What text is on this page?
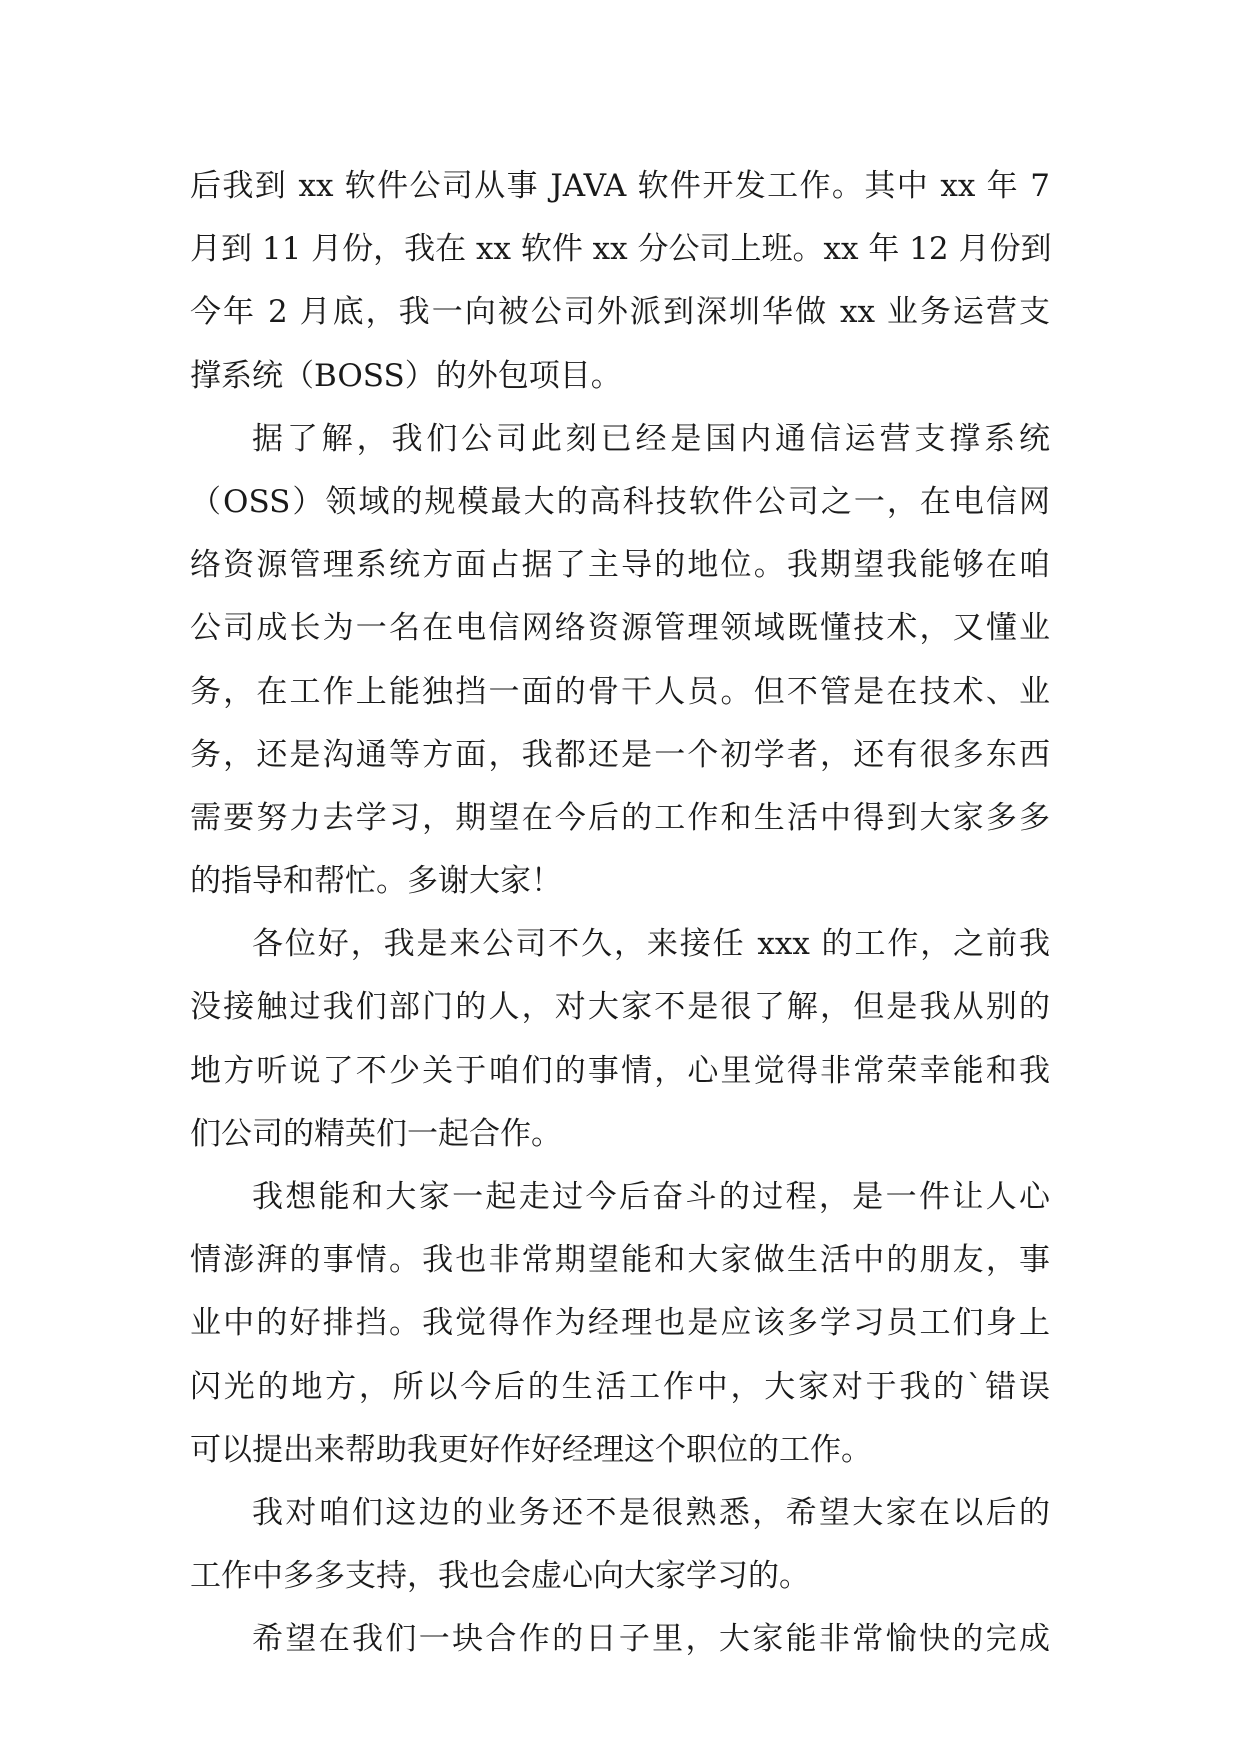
后我到 xx 软件公司从事 JAVA 软件开发工作。其中 xx 年 7
月到 11 月份，我在 xx 软件 xx 分公司上班。xx 年 12 月份到
今年 2 月底，我一向被公司外派到深圳华做 xx 业务运营支
撑系统（BOSS）的外包项目。
据了解，我们公司此刻已经是国内通信运营支撑系统
（OSS）领域的规模最大的高科技软件公司之一，在电信网
络资源管理系统方面占据了主导的地位。我期望我能够在咱
公司成长为一名在电信网络资源管理领域既懂技术，又懂业
务，在工作上能独挡一面的骨干人员。但不管是在技术、业
务，还是沟通等方面，我都还是一个初学者，还有很多东西
需要努力去学习，期望在今后的工作和生活中得到大家多多
的指导和帮忙。多谢大家！
各位好，我是来公司不久，来接任 xxx 的工作，之前我
没接触过我们部门的人，对大家不是很了解，但是我从别的
地方听说了不少关于咱们的事情，心里觉得非常荣幸能和我
们公司的精英们一起合作。
我想能和大家一起走过今后奋斗的过程，是一件让人心
情澎湃的事情。我也非常期望能和大家做生活中的朋友，事
业中的好排挡。我觉得作为经理也是应该多学习员工们身上
闪光的地方，所以今后的生活工作中，大家对于我的`错误
可以提出来帮助我更好作好经理这个职位的工作。
我对咱们这边的业务还不是很熟悉，希望大家在以后的
工作中多多支持，我也会虚心向大家学习的。
希望在我们一块合作的日子里，大家能非常愉快的完成
